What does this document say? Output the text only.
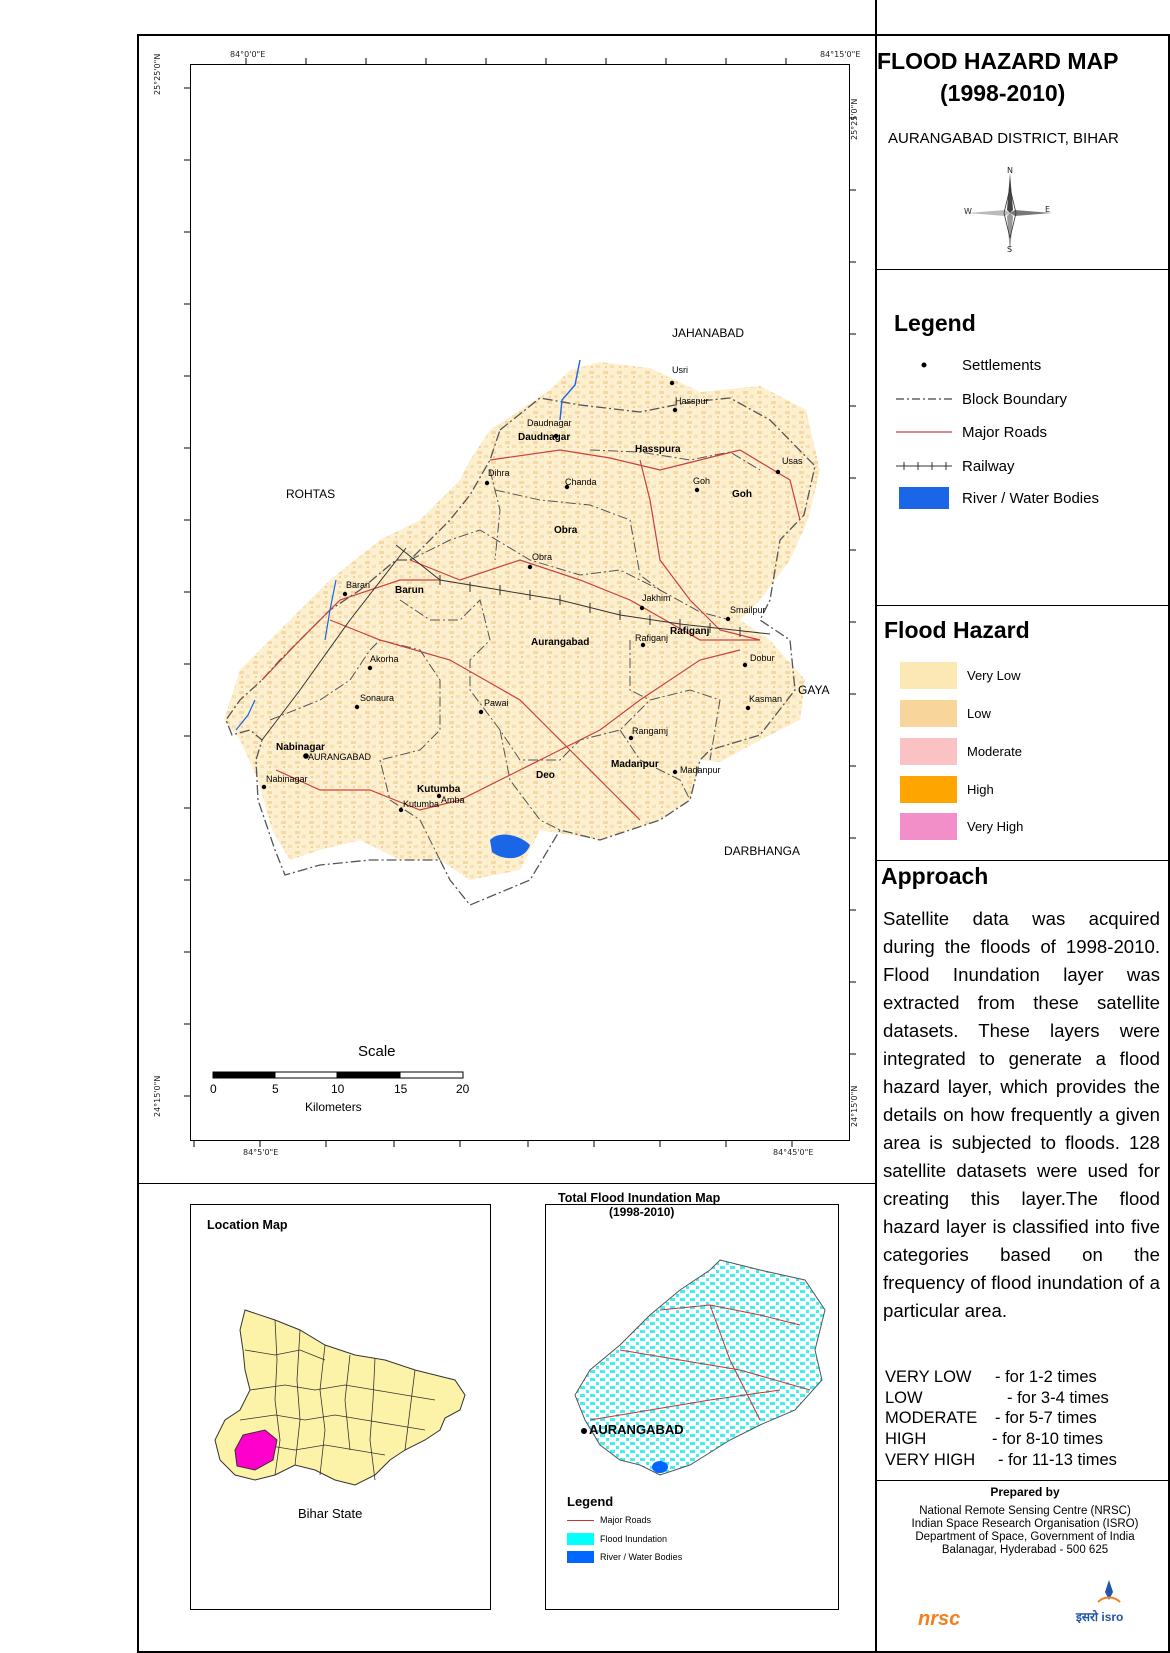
84°0'0"E	84°15'0"E
84°5'0"E	84°45'0"E
25°25'0"N
25°25'0"N
24°15'0"N	24°15'0"N
N
S
E
W
JAHANABAD
ROHTAS
GAYA
DARBHANGA
Daudnagar
Hasspura
Goh
Obra
Barun
Aurangabad
Rafiganj
Nabinagar
Kutumba
Deo
Madanpur
Usri
Hasspur
Daudnagar
Usas
Dihra
Chanda	Goh
Obra
Baran
Jakhim
Smailpur
Rafiganj
Akorha	Dobur
Sonaura	Pawai	Kasman
Rangamj
AURANGABAD
Nabinagar
Madanpur
Kutumba Amba
Scale
0	5	10	15	20
Kilometers
FLOOD HAZARD MAP
(1998-2010)
AURANGABAD DISTRICT, BIHAR
Legend
Settlements
Block Boundary
Major Roads
Railway
River / Water Bodies
Flood Hazard
Very Low
Low
Moderate
High
Very High
Approach
Satellite data was acquired during the floods of 1998-2010. Flood Inundation layer was extracted from these satellite datasets. These layers were integrated to generate a flood hazard layer, which provides the details on how frequently a given area is subjected to floods. 128 satellite datasets were used for creating this layer.The flood hazard layer is classified into five categories based on the frequency of flood inundation of a particular area.
VERY LOW - for 1-2 times
LOW	- for 3-4 times
MODERATE - for 5-7 times
HIGH	- for 8-10 times
VERY HIGH - for 11-13 times
Prepared by
National Remote Sensing Centre (NRSC)
Indian Space Research Organisation (ISRO)
Department of Space, Government of India
Balanagar, Hyderabad - 500 625
nrsc	इसरो isro
Location Map
Bihar State
Total Flood Inundation Map
(1998-2010)
AURANGABAD
Legend
Major Roads
Flood Inundation
River / Water Bodies
